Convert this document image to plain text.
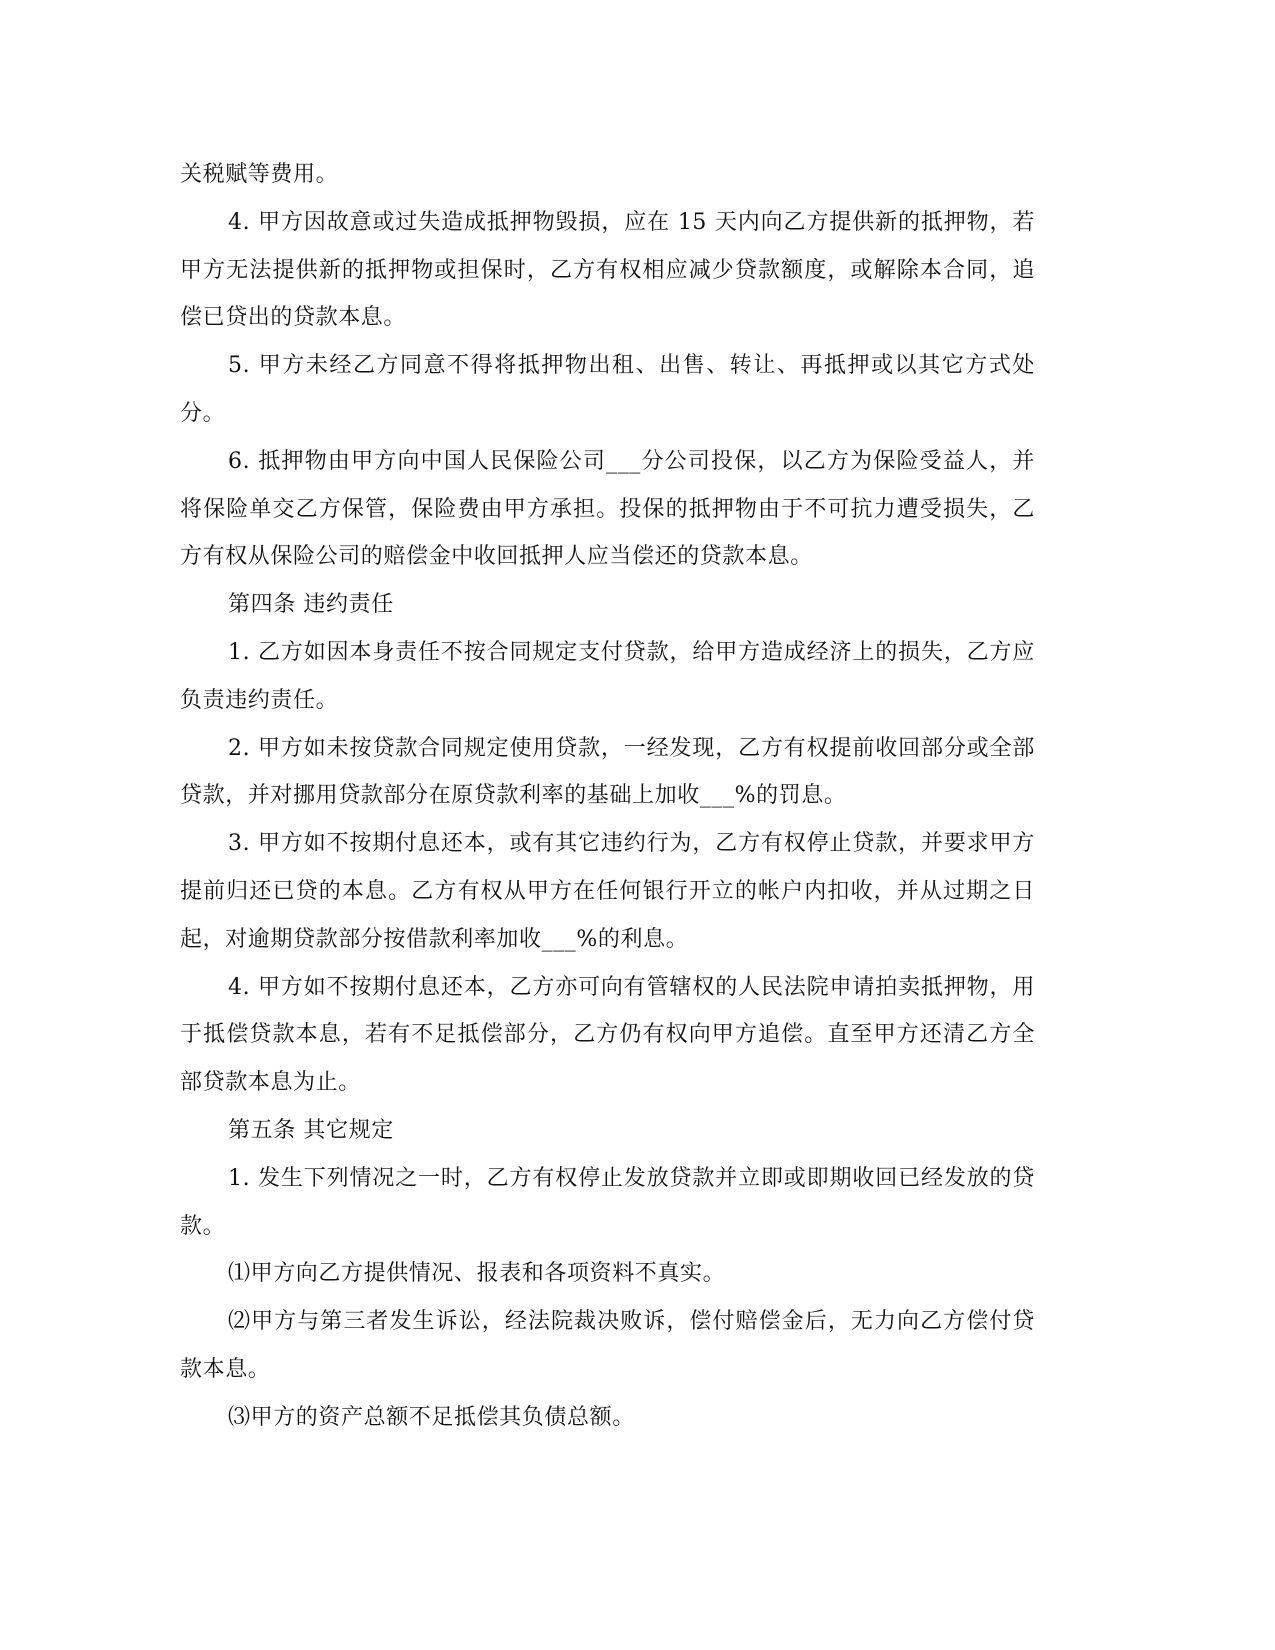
关税赋等费用。

4. 甲方因故意或过失造成抵押物毁损，应在 15 天内向乙方提供新的抵押物，若甲方无法提供新的抵押物或担保时，乙方有权相应减少贷款额度，或解除本合同，追偿已贷出的贷款本息。

5. 甲方未经乙方同意不得将抵押物出租、出售、转让、再抵押或以其它方式处分。

6. 抵押物由甲方向中国人民保险公司___分公司投保，以乙方为保险受益人，并将保险单交乙方保管，保险费由甲方承担。投保的抵押物由于不可抗力遭受损失，乙方有权从保险公司的赔偿金中收回抵押人应当偿还的贷款本息。

第四条 违约责任

1. 乙方如因本身责任不按合同规定支付贷款，给甲方造成经济上的损失，乙方应负责违约责任。

2. 甲方如未按贷款合同规定使用贷款，一经发现，乙方有权提前收回部分或全部贷款，并对挪用贷款部分在原贷款利率的基础上加收___%的罚息。

3. 甲方如不按期付息还本，或有其它违约行为，乙方有权停止贷款，并要求甲方提前归还已贷的本息。乙方有权从甲方在任何银行开立的帐户内扣收，并从过期之日起，对逾期贷款部分按借款利率加收___%的利息。

4. 甲方如不按期付息还本，乙方亦可向有管辖权的人民法院申请拍卖抵押物，用于抵偿贷款本息，若有不足抵偿部分，乙方仍有权向甲方追偿。直至甲方还清乙方全部贷款本息为止。

第五条 其它规定

1. 发生下列情况之一时，乙方有权停止发放贷款并立即或即期收回已经发放的贷款。

⑴甲方向乙方提供情况、报表和各项资料不真实。

⑵甲方与第三者发生诉讼，经法院裁决败诉，偿付赔偿金后，无力向乙方偿付贷款本息。

⑶甲方的资产总额不足抵偿其负债总额。
